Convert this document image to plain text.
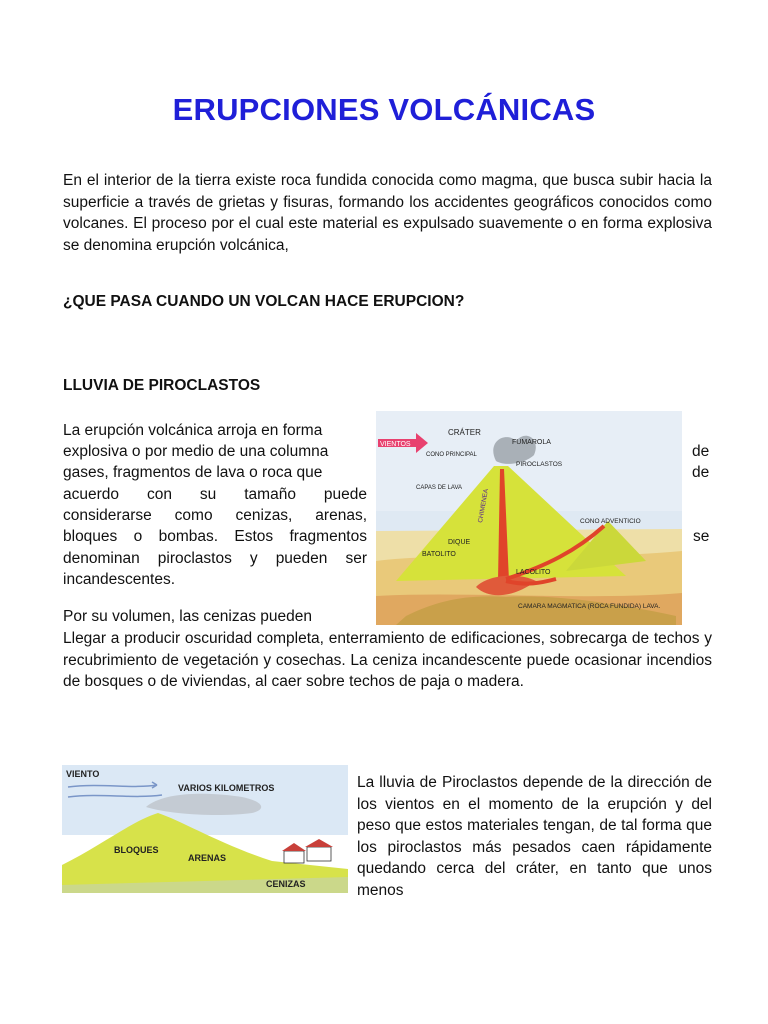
ERUPCIONES VOLCÁNICAS
En el interior de la tierra existe roca fundida conocida como magma, que busca subir hacia la superficie a través de grietas y fisuras, formando los accidentes geográficos conocidos como volcanes. El proceso por el cual este material es expulsado suavemente o en forma explosiva se denomina erupción volcánica,
¿QUE PASA CUANDO UN VOLCAN HACE ERUPCION?
LLUVIA DE PIROCLASTOS
La erupción volcánica arroja en forma
explosiva o por medio de una columna	de
gases, fragmentos de lava o roca que	de
acuerdo con su tamaño puede
considerarse como cenizas, arenas,
bloques o bombas. Estos fragmentos	se
denominan piroclastos y pueden ser
incandescentes.
Por su volumen, las cenizas pueden
Llegar a producir oscuridad completa, enterramiento de edificaciones, sobrecarga de techos y recubrimiento de vegetación y cosechas. La ceniza incandescente puede ocasionar incendios de bosques o de viviendas, al caer sobre techos de paja o madera.
VIENTOS
CRÁTER
FUMAROLA
CONO PRINCIPAL
PIROCLASTOS
CAPAS DE LAVA
CHIMENEA	CONO ADVENTICIO
DIQUE
BATOLITO
LACOLITO
CAMARA MAGMATICA (ROCA FUNDIDA) LAVA.
VIENTO
VARIOS KILOMETROS
BLOQUES
ARENAS
CENIZAS
La lluvia de Piroclastos depende de la dirección de los vientos en el momento de la erupción y del peso que estos materiales tengan, de tal forma que los piroclastos más pesados caen rápidamente quedando cerca del cráter, en tanto que unos menos
